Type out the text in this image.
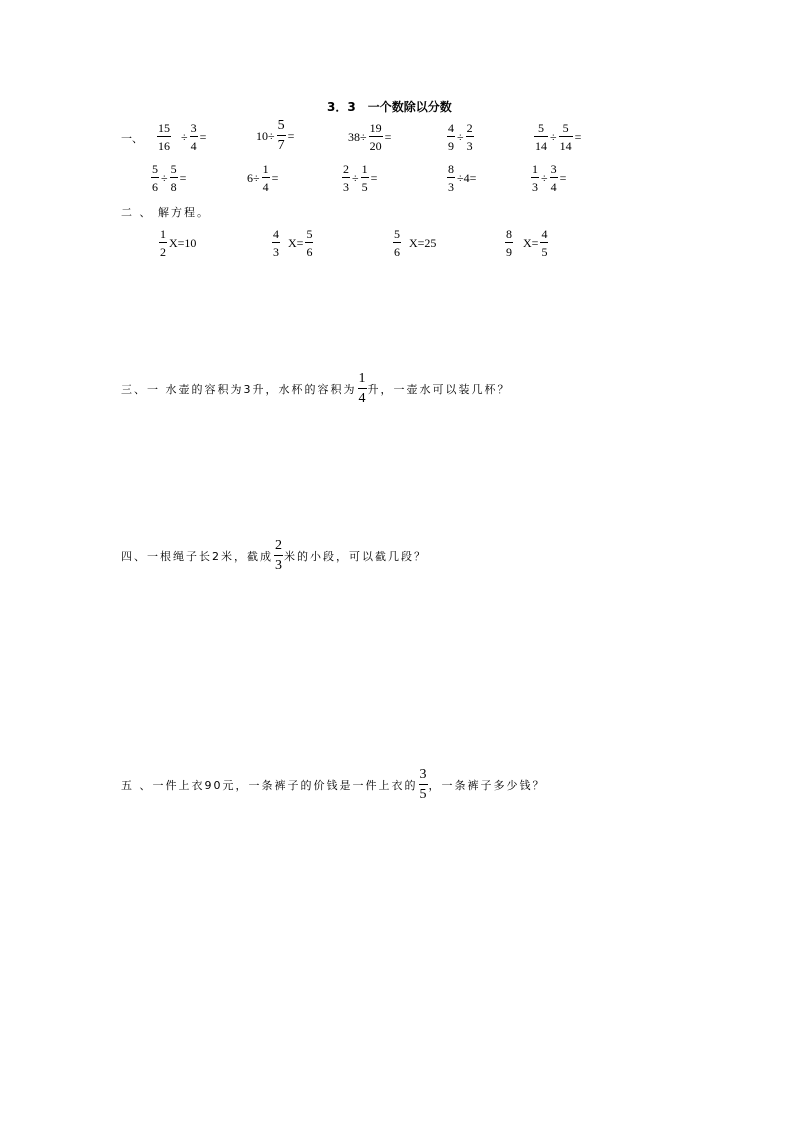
3．3　一个数除以分数
一、 $\frac{15}{16} \div \frac{3}{4}$ =	$10\div \frac{5}{7}$ =	$38\div \frac{19}{20}$ =	$\frac{4}{9} \div \frac{2}{3}$	$\frac{5}{14} \div \frac{5}{14}$ =
$\frac{5}{6} \div \frac{5}{8}$ =	$6\div \frac{1}{4}$ =	$\frac{2}{3} \div \frac{1}{5}$ =	$\frac{8}{3} \div 4=$	$\frac{1}{3} \div \frac{3}{4}$ =
二 、 解方程。
$\frac{1}{2} X=10$	$\frac{4}{3} X= \frac{5}{6}$	$\frac{5}{6} X=25$	$\frac{8}{9} X= \frac{4}{5}$
三、一 水壶的容积为3升，水杯的容积为 $\frac{1}{4}$ 升，一壶水可以装几杯？
四、一根绳子长2米，截成 $\frac{2}{3}$ 米的小段，可以截几段？
五 、一件上衣90元，一条裤子的价钱是一件上衣的 $\frac{3}{5}$ ，一条裤子多少钱？
